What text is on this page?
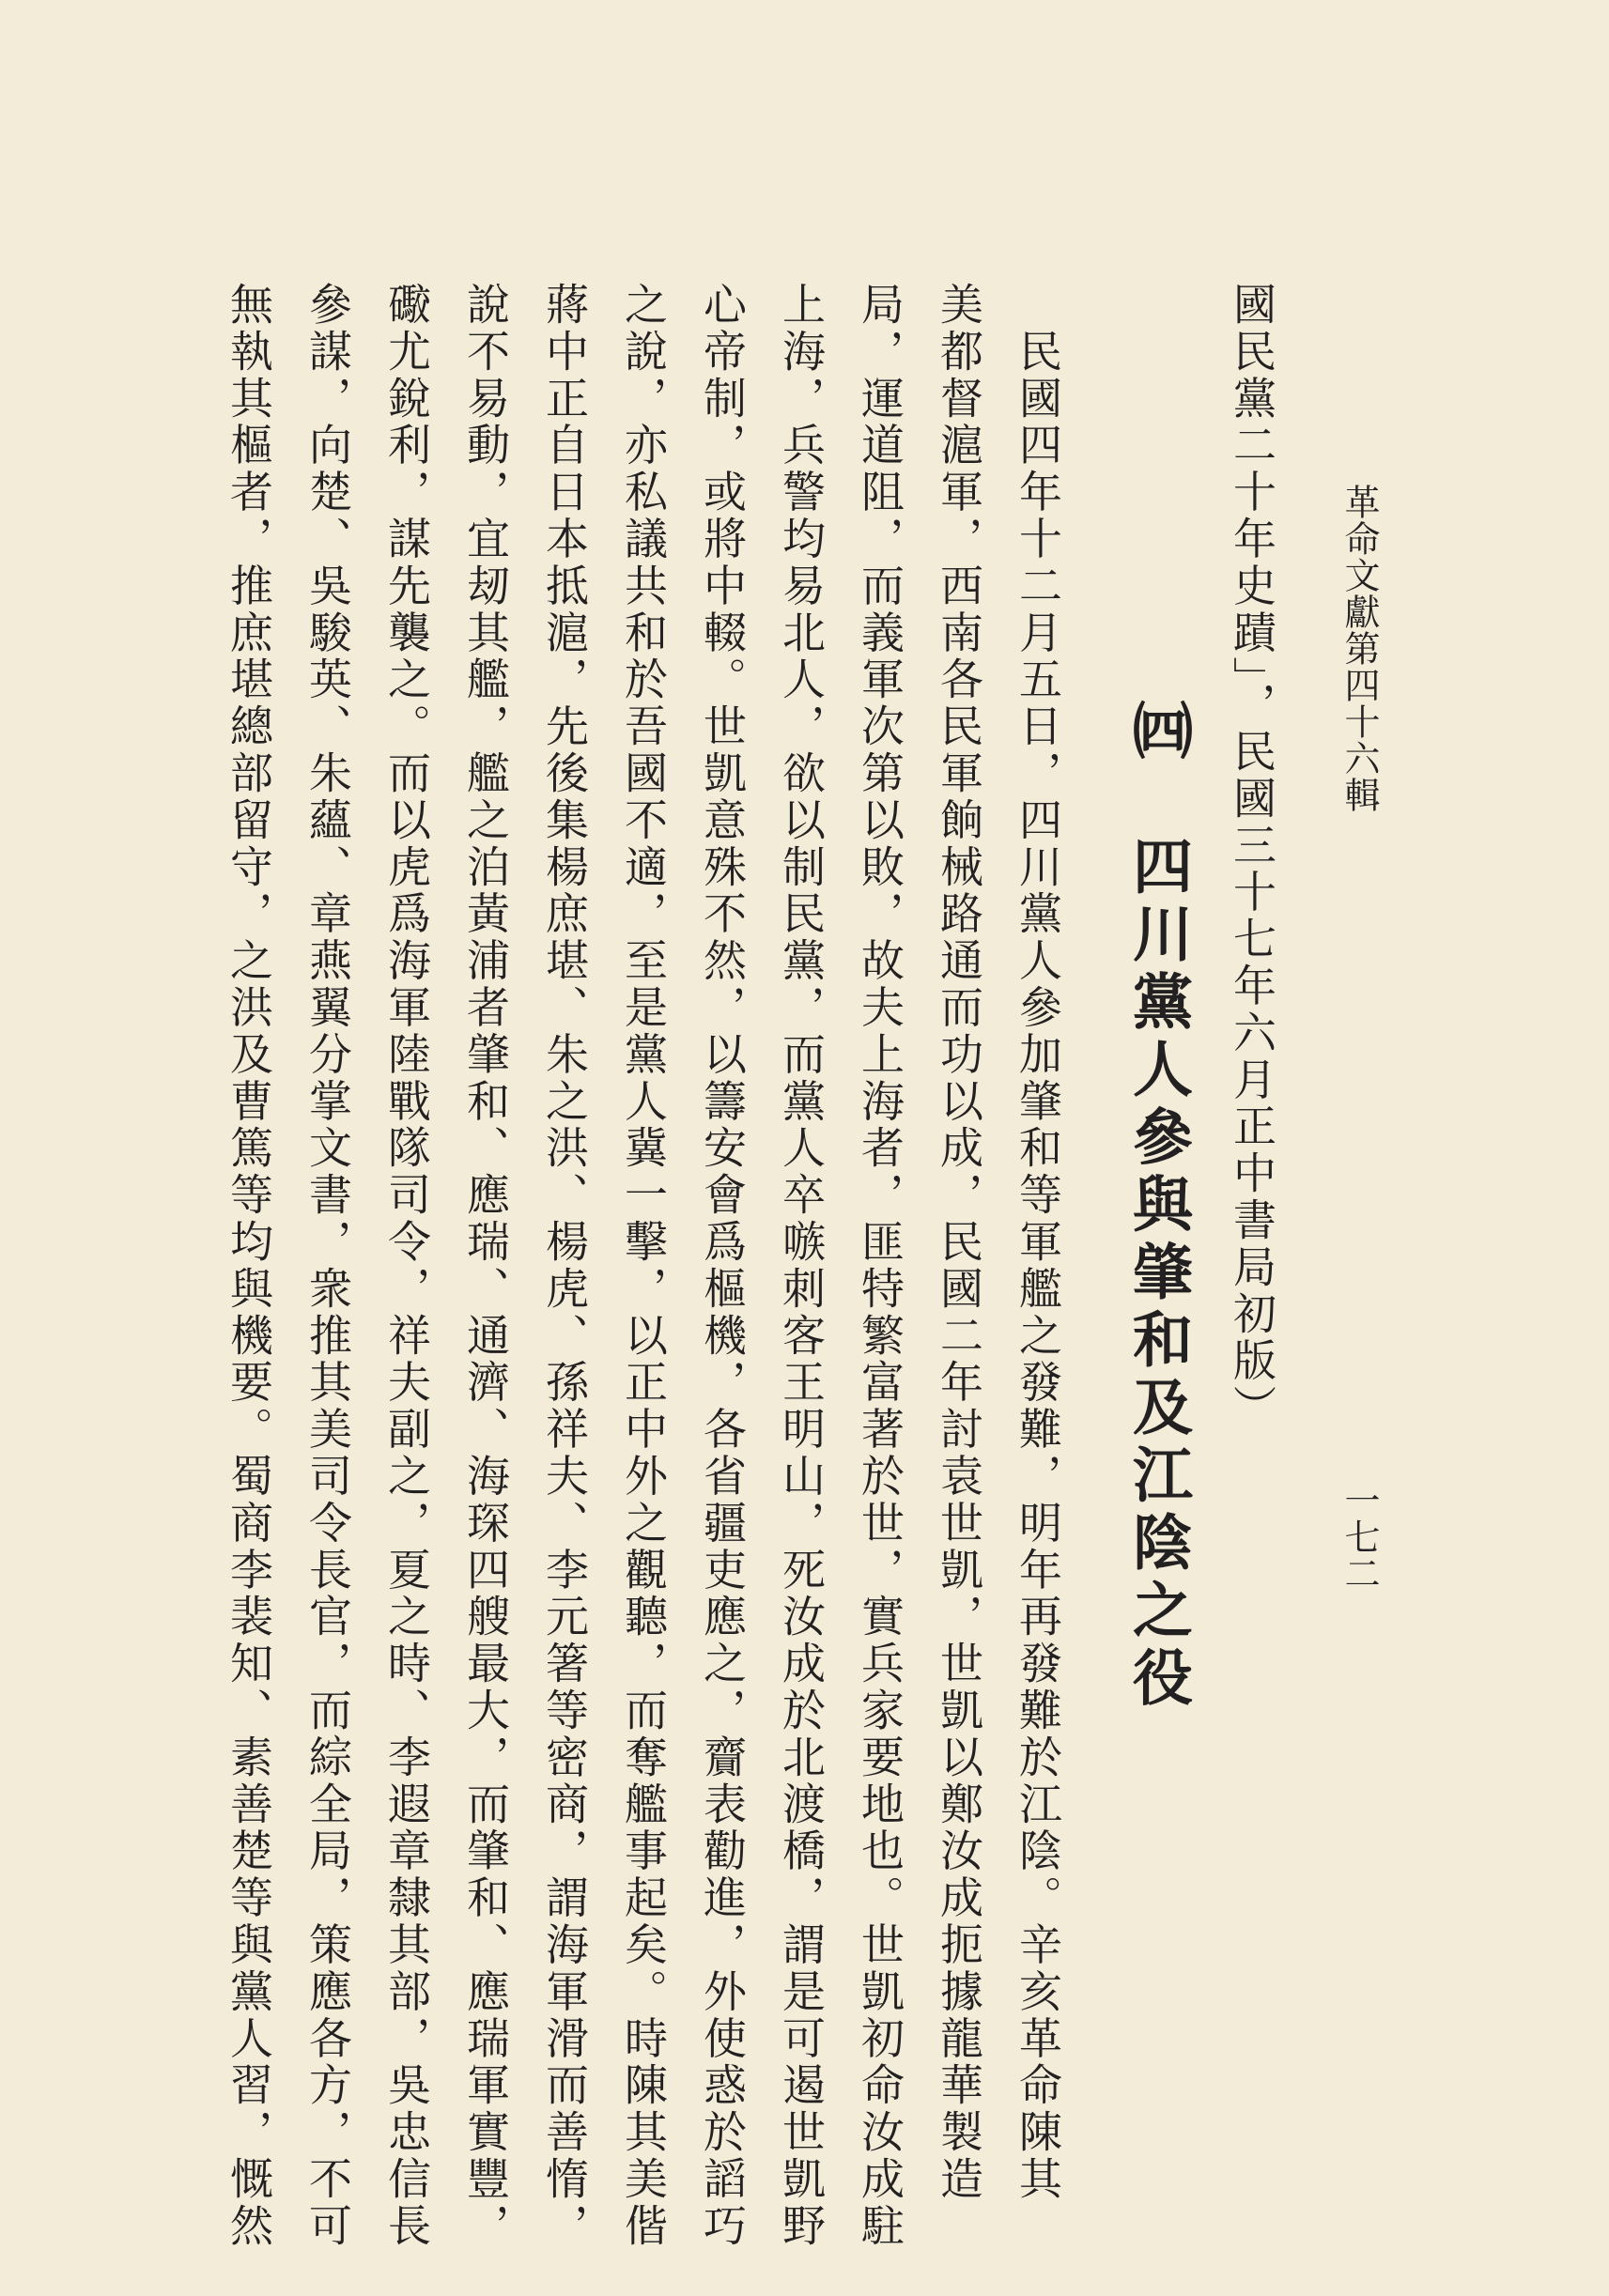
革命文獻第四十六輯
一七二
國民黨二十年史蹟」，民國三十七年六月正中書局初版）
㈣　四川黨人參與肇和及江陰之役
　民國四年十二月五日，四川黨人參加肇和等軍艦之發難，明年再發難於江陰。辛亥革命陳其
美都督滬軍，西南各民軍餉械路通而功以成，民國二年討袁世凱，世凱以鄭汝成扼據龍華製造
局，運道阻，而義軍次第以敗，故夫上海者，匪特繁富著於世，實兵家要地也。世凱初命汝成駐
上海，兵警均易北人，欲以制民黨，而黨人卒嗾刺客王明山，死汝成於北渡橋，謂是可遏世凱野
心帝制，或將中輟。世凱意殊不然，以籌安會爲樞機，各省疆吏應之，齎表勸進，外使惑於謟巧
之說，亦私議共和於吾國不適，至是黨人冀一擊，以正中外之觀聽，而奪艦事起矣。時陳其美偕
蔣中正自日本抵滬，先後集楊庶堪、朱之洪、楊虎、孫祥夫、李元箸等密商，謂海軍滑而善惰，
說不易動，宜刼其艦，艦之泊黃浦者肇和、應瑞、通濟、海琛四艘最大，而肇和、應瑞軍實豐，
礮尤銳利，謀先襲之。而以虎爲海軍陸戰隊司令，祥夫副之，夏之時、李遐章隸其部，吳忠信長
參謀，向楚、吳駿英、朱蘊、章燕翼分掌文書，衆推其美司令長官，而綜全局，策應各方，不可
無執其樞者，推庶堪總部留守，之洪及曹篤等均與機要。蜀商李裴知、素善楚等與黨人習，慨然
